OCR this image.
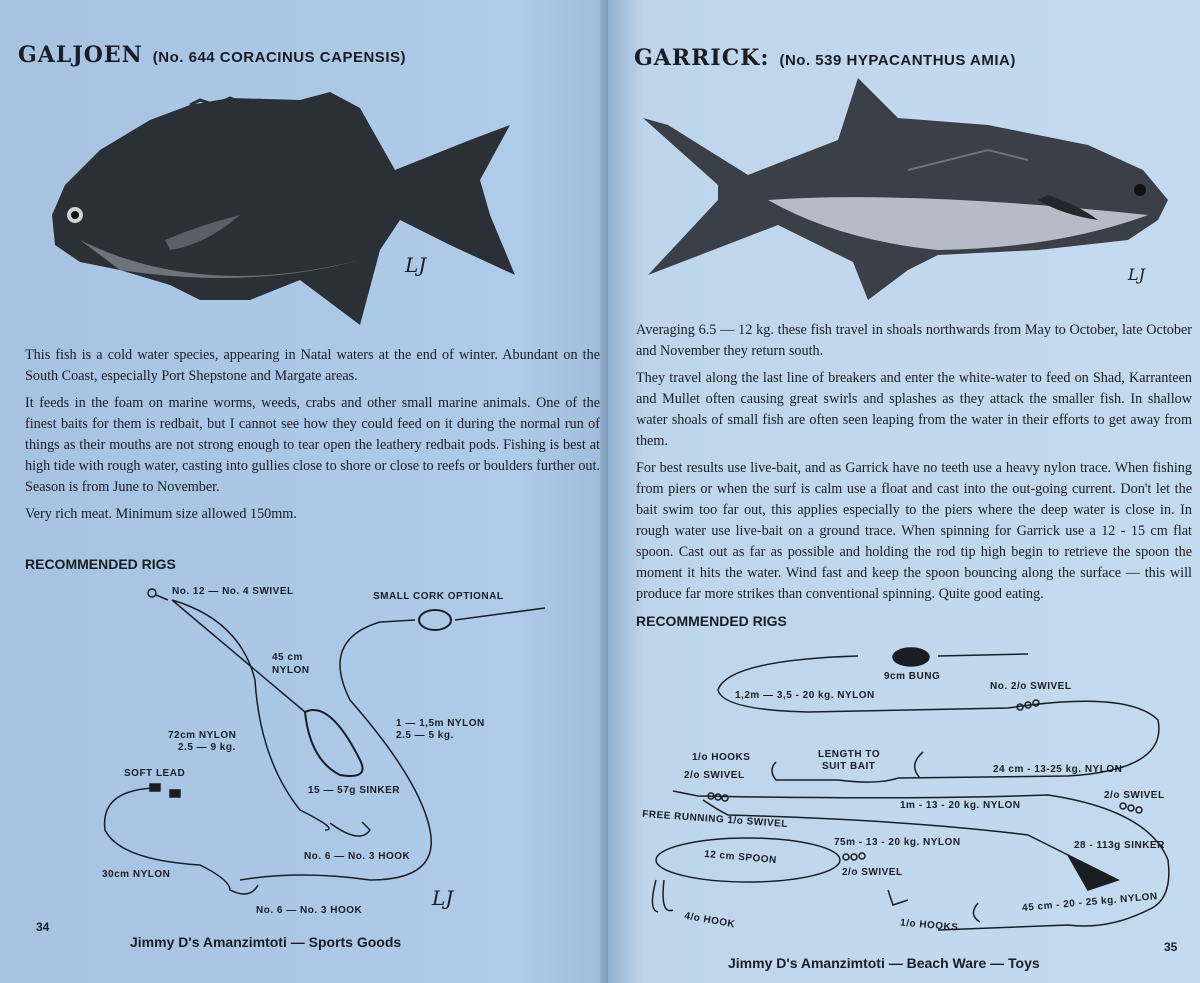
GALJOEN (No. 644 CORACINUS CAPENSIS)
LJ

This fish is a cold water species, appearing in Natal waters at the end of winter. Abundant on the South Coast, especially Port Shepstone and Margate areas.

It feeds in the foam on marine worms, weeds, crabs and other small marine animals. One of the finest baits for them is redbait, but I cannot see how they could feed on it during the normal run of things as their mouths are not strong enough to tear open the leathery redbait pods. Fishing is best at high tide with rough water, casting into gullies close to shore or close to reefs or boulders further out. Season is from June to November.

Very rich meat. Minimum size allowed 150mm.

RECOMMENDED RIGS
LJ
No. 12 — No. 4 SWIVEL	SMALL CORK OPTIONAL
45 cm
NYLON
1 — 1,5m NYLON
2.5 — 5 kg.
72cm NYLON
2.5 — 9 kg.
SOFT LEAD
15 — 57g SINKER
No. 6 — No. 3 HOOK
30cm NYLON
No. 6 — No. 3 HOOK
34
Jimmy D's Amanzimtoti — Sports Goods
GARRICK: (No. 539 HYPACANTHUS AMIA)
LJ

Averaging 6.5 — 12 kg. these fish travel in shoals northwards from May to October, late October and November they return south.

They travel along the last line of breakers and enter the white-water to feed on Shad, Karranteen and Mullet often causing great swirls and splashes as they attack the smaller fish. In shallow water shoals of small fish are often seen leaping from the water in their efforts to get away from them.

For best results use live-bait, and as Garrick have no teeth use a heavy nylon trace. When fishing from piers or when the surf is calm use a float and cast into the out-going current. Don't let the bait swim too far out, this applies especially to the piers where the deep water is close in. In rough water use live-bait on a ground trace. When spinning for Garrick use a 12 - 15 cm flat spoon. Cast out as far as possible and holding the rod tip high begin to retrieve the spoon the moment it hits the water. Wind fast and keep the spoon bouncing along the surface — this will produce far more strikes than conventional spinning. Quite good eating.

RECOMMENDED RIGS
9cm BUNG
No. 2/o SWIVEL
1,2m — 3,5 - 20 kg. NYLON
1/o HOOKS	LENGTH TO
SUIT BAIT	24 cm - 13-25 kg. NYLON
2/o SWIVEL
1m - 13 - 20 kg. NYLON
2/o SWIVEL
FREE RUNNING 1/o SWIVEL
75m - 13 - 20 kg. NYLON	28 - 113g SINKER
12 cm SPOON
2/o SWIVEL
45 cm - 20 - 25 kg. NYLON
4/o HOOK	1/o HOOKS
35
Jimmy D's Amanzimtoti — Beach Ware — Toys
